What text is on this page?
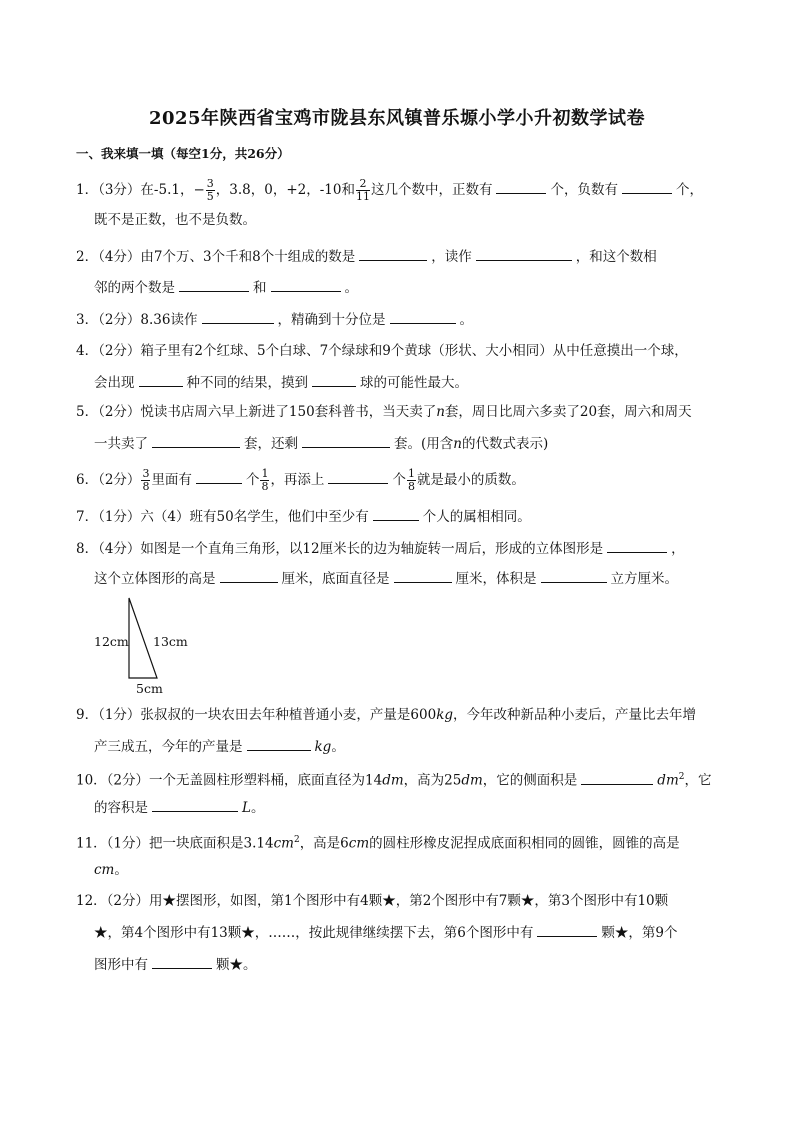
2025年陕西省宝鸡市陇县东风镇普乐塬小学小升初数学试卷
一、我来填一填（每空1分，共26分）
1．（3分）在-5.1，− $\frac{3}{5}$ ，3.8，0，+2，-10和 $\frac{2}{11}$ 这几个数中，正数有	个，负数有	个，
既不是正数，也不是负数。
2．（4分）由7个万、3个千和8个十组成的数是	，读作	，和这个数相
邻的两个数是	和	。
3．（2分）8.36读作	，精确到十分位是	。
4．（2分）箱子里有2个红球、5个白球、7个绿球和9个黄球（形状、大小相同）从中任意摸出一个球，
会出现	种不同的结果，摸到	球的可能性最大。
5．（2分）悦读书店周六早上新进了150套科普书，当天卖了n套，周日比周六多卖了20套，周六和周天
一共卖了	套，还剩	套。(用含n的代数式表示)
6．（2分） $\frac{3}{8}$ 里面有	个 $\frac{1}{8}$ ，再添上	个 $\frac{1}{8}$ 就是最小的质数。
7．（1分）六（4）班有50名学生，他们中至少有	个人的属相相同。
8．（4分）如图是一个直角三角形，以12厘米长的边为轴旋转一周后，形成的立体图形是	，
这个立体图形的高是	厘米，底面直径是	厘米，体积是	立方厘米。
12cm 13cm
5cm
9．（1分）张叔叔的一块农田去年种植普通小麦，产量是600kg，今年改种新品种小麦后，产量比去年增
产三成五，今年的产量是	kg。
10．（2分）一个无盖圆柱形塑料桶，底面直径为14dm，高为25dm，它的侧面积是	$dm^2$，它
的容积是	L。
11．（1分）把一块底面积是$3.14cm^2$，高是6cm的圆柱形橡皮泥捏成底面积相同的圆锥，圆锥的高是
cm。
12．（2分）用★摆图形，如图，第1个图形中有4颗★，第2个图形中有7颗★，第3个图形中有10颗
★，第4个图形中有13颗★，……，按此规律继续摆下去，第6个图形中有	颗★，第9个
图形中有	颗★。
